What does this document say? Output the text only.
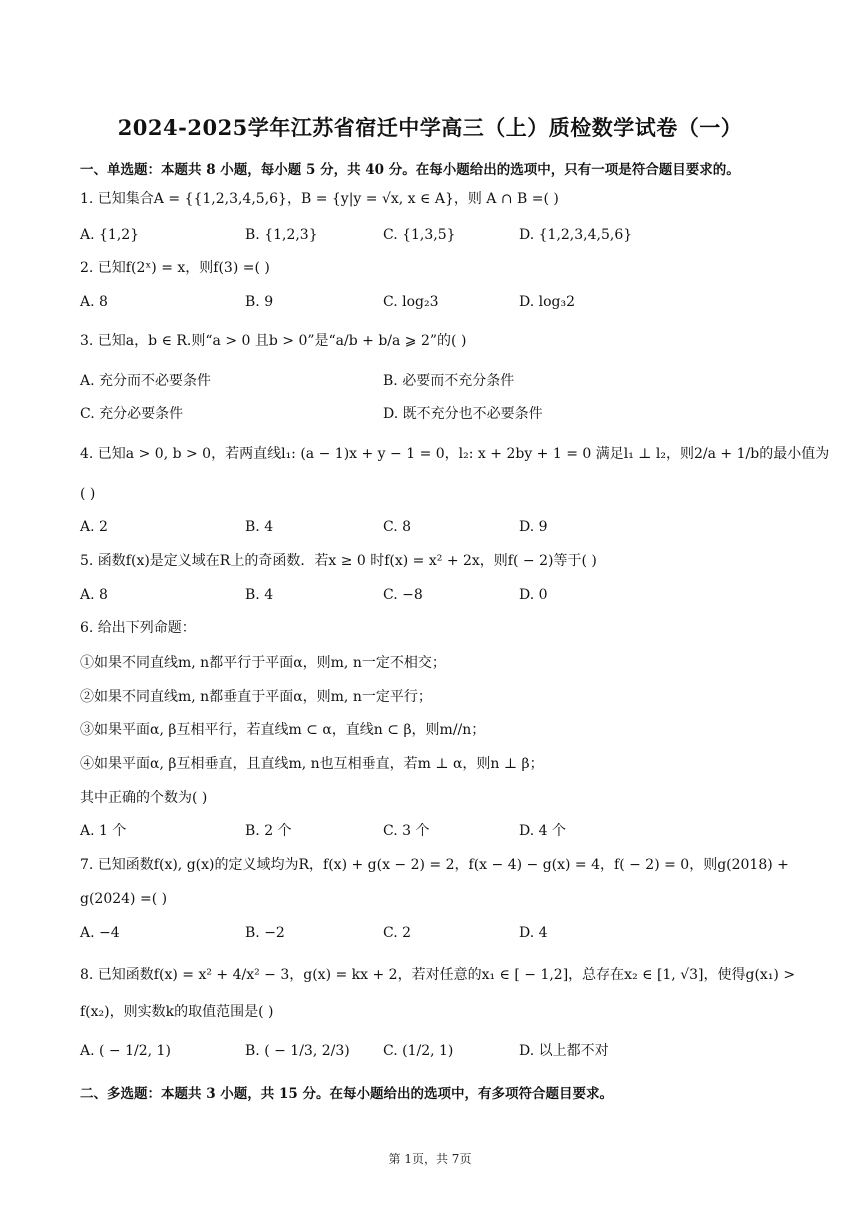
2024-2025学年江苏省宿迁中学高三（上）质检数学试卷（一）
一、单选题：本题共 8 小题，每小题 5 分，共 40 分。在每小题给出的选项中，只有一项是符合题目要求的。
1. 已知集合A = {{1,2,3,4,5,6}，B = {y|y = √x, x ∈ A}，则 A ∩ B =( )
A. {1,2}	B. {1,2,3}	C. {1,3,5}	D. {1,2,3,4,5,6}
2. 已知f(2ˣ) = x，则f(3) =( )
A. 8	B. 9	C. log₂3	D. log₃2
3. 已知a，b ∈ R.则“a > 0 且b > 0”是“a/b + b/a ⩾ 2”的( )
A. 充分而不必要条件	B. 必要而不充分条件
C. 充分必要条件	D. 既不充分也不必要条件
4. 已知a > 0, b > 0，若两直线l₁: (a − 1)x + y − 1 = 0，l₂: x + 2by + 1 = 0 满足l₁ ⊥ l₂，则2/a + 1/b的最小值为
( )
A. 2	B. 4	C. 8	D. 9
5. 函数f(x)是定义域在R上的奇函数．若x ≥ 0 时f(x) = x² + 2x，则f( − 2)等于( )
A. 8	B. 4	C. −8	D. 0
6. 给出下列命题：
①如果不同直线m, n都平行于平面α，则m, n一定不相交；
②如果不同直线m, n都垂直于平面α，则m, n一定平行；
③如果平面α, β互相平行，若直线m ⊂ α，直线n ⊂ β，则m//n；
④如果平面α, β互相垂直，且直线m, n也互相垂直，若m ⊥ α，则n ⊥ β；
其中正确的个数为( )
A. 1 个	B. 2 个	C. 3 个	D. 4 个
7. 已知函数f(x), g(x)的定义域均为R，f(x) + g(x − 2) = 2，f(x − 4) − g(x) = 4，f( − 2) = 0，则g(2018) +
g(2024) =( )
A. −4	B. −2	C. 2	D. 4
8. 已知函数f(x) = x² + 4/x² − 3，g(x) = kx + 2，若对任意的x₁ ∈ [ − 1,2]，总存在x₂ ∈ [1, √3]，使得g(x₁) >
f(x₂)，则实数k的取值范围是( )
A. ( − 1/2, 1)	B. ( − 1/3, 2/3) C. (1/2, 1)	D. 以上都不对
二、多选题：本题共 3 小题，共 15 分。在每小题给出的选项中，有多项符合题目要求。
第 1页，共 7页
